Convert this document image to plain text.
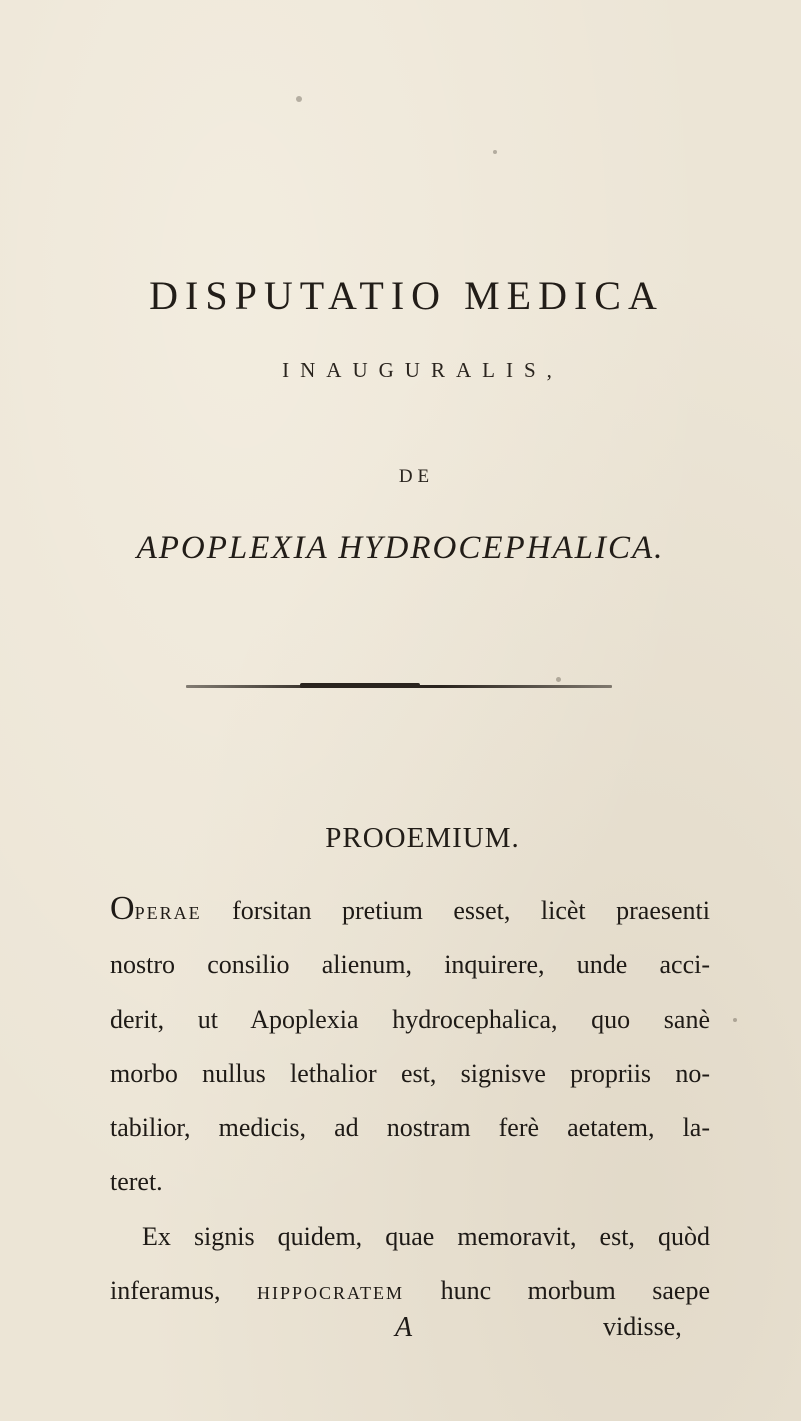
DISPUTATIO MEDICA
INAUGURALIS,
DE
APOPLEXIA HYDROCEPHALICA.
PROOEMIUM.
OPERAE forsitan pretium esset, licèt praesenti
nostro consilio alienum, inquirere, unde acci-
derit, ut Apoplexia hydrocephalica, quo sanè
morbo nullus lethalior est, signisve propriis no-
tabilior, medicis, ad nostram ferè aetatem, la-
teret.
Ex signis quidem, quae memoravit, est, quòd
inferamus, HIPPOCRATEM hunc morbum saepe
A	vidisse,
